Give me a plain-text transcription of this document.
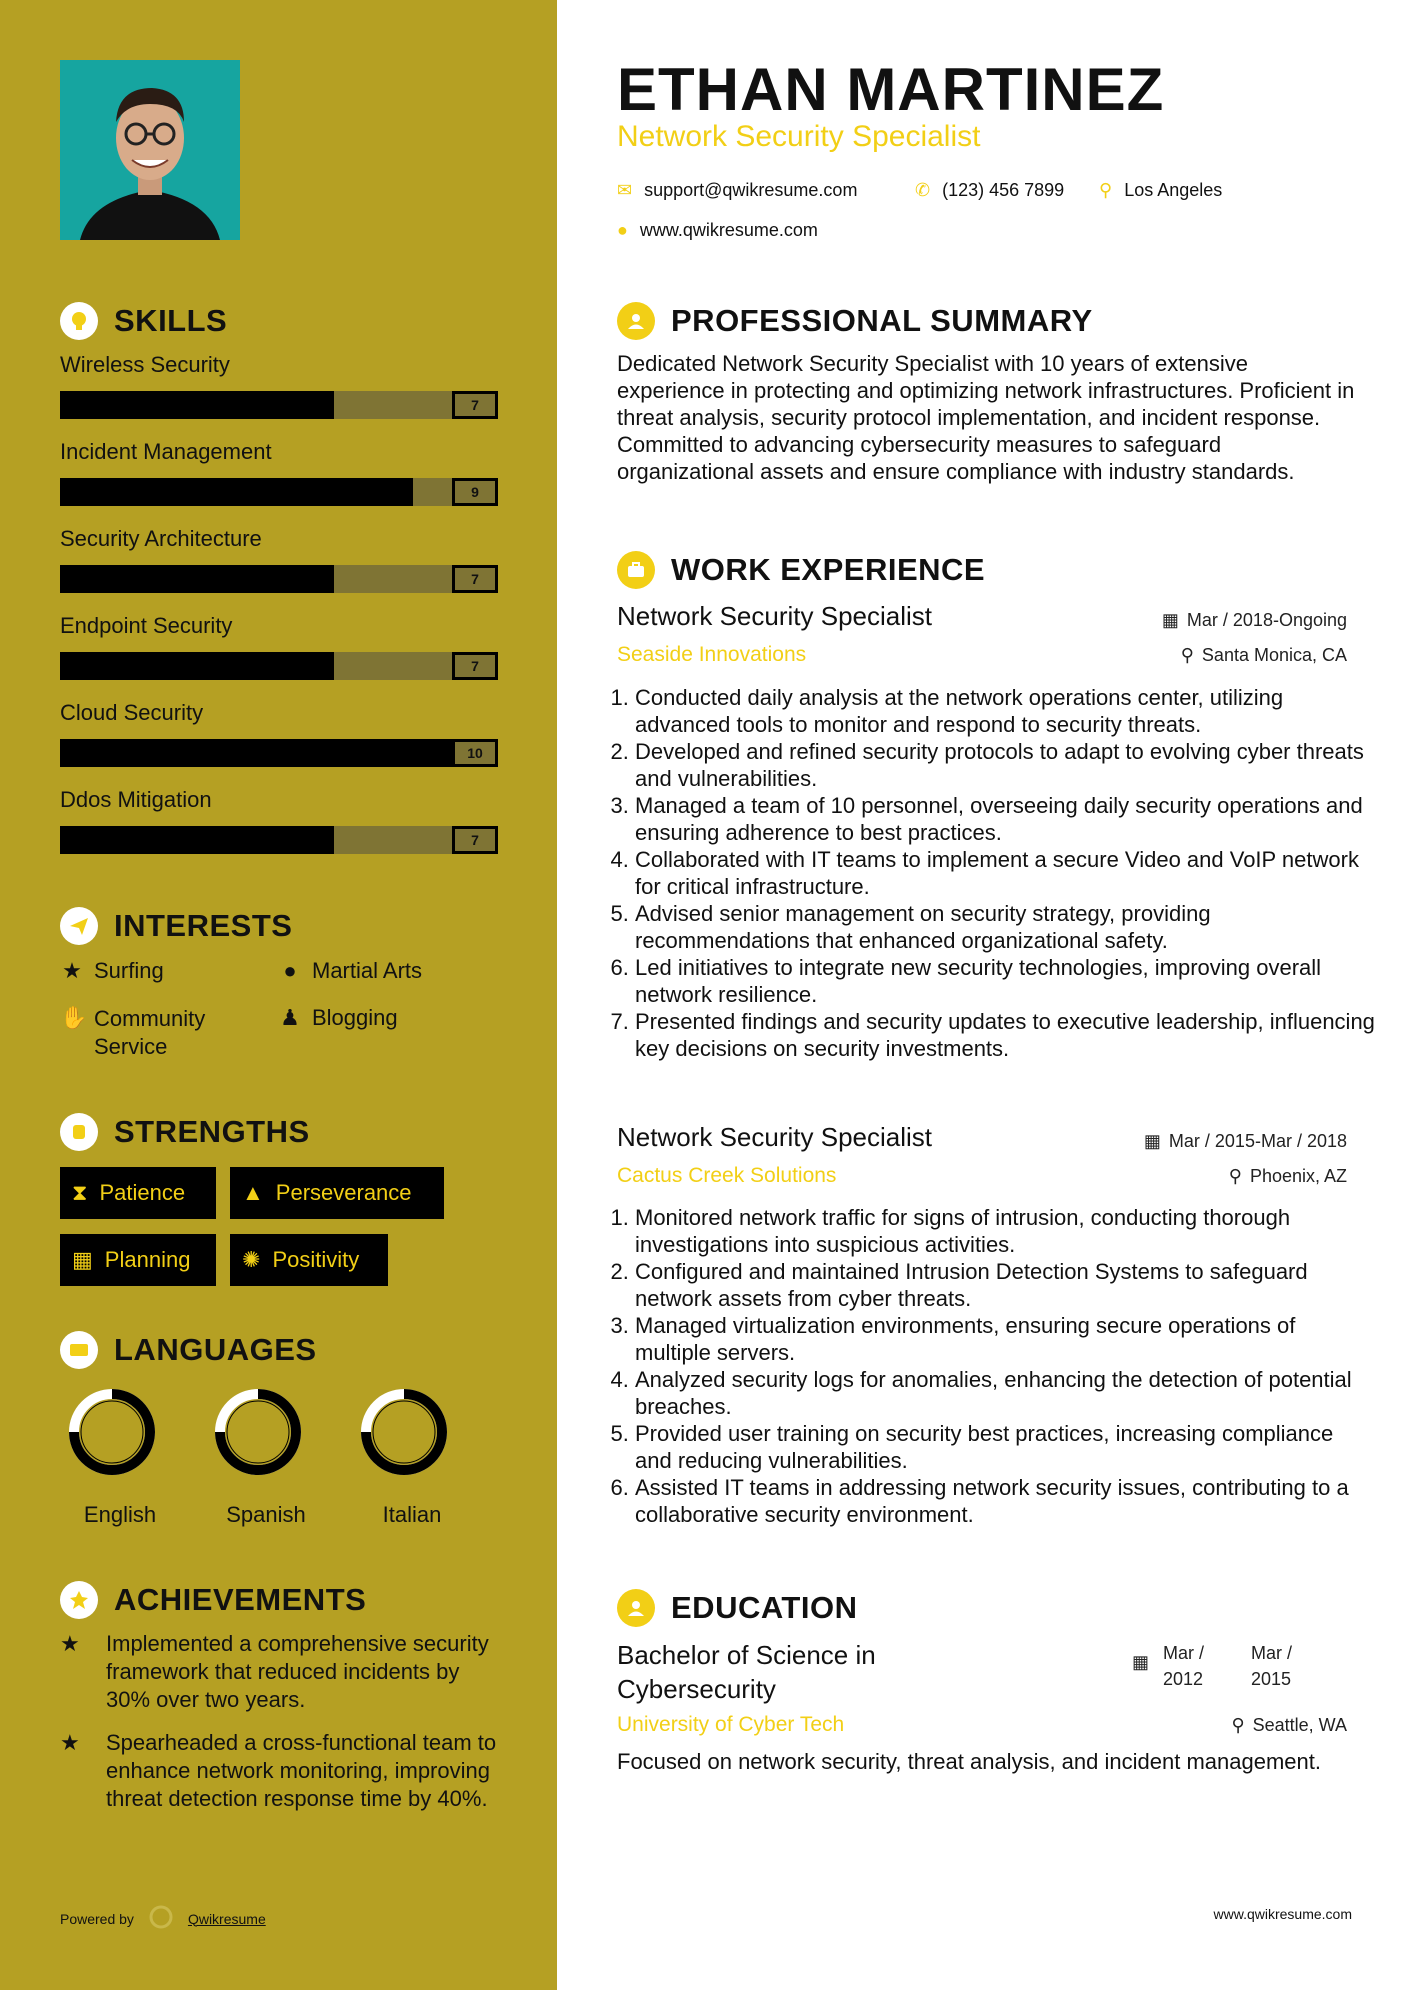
SKILLS
Wireless Security
7
Incident Management
9
Security Architecture
7
Endpoint Security
7
Cloud Security
10
Ddos Mitigation
7
INTERESTS
★ Surfing	● Martial Arts
✋ Community Service
♟ Blogging
STRENGTHS
⧗ Patience	▲ Perseverance
▦ Planning ✺ Positivity
LANGUAGES
English	Spanish	Italian
ACHIEVEMENTS
★	Implemented a comprehensive security framework that reduced incidents by 30% over two years.
★	Spearheaded a cross-functional team to enhance network monitoring, improving threat detection response time by 40%.
Powered by	Qwikresume
ETHAN MARTINEZ
Network Security Specialist
✉ support@qwikresume.com	✆ (123) 456 7899 ⚲ Los Angeles
● www.qwikresume.com
PROFESSIONAL SUMMARY
Dedicated Network Security Specialist with 10 years of extensive experience in protecting and optimizing network infrastructures. Proficient in threat analysis, security protocol implementation, and incident response. Committed to advancing cybersecurity measures to safeguard organizational assets and ensure compliance with industry standards.
WORK EXPERIENCE
Network Security Specialist	▦ Mar / 2018-Ongoing
Seaside Innovations	⚲ Santa Monica, CA
1. Conducted daily analysis at the network operations center, utilizing advanced tools to monitor and respond to security threats.
2. Developed and refined security protocols to adapt to evolving cyber threats and vulnerabilities.
3. Managed a team of 10 personnel, overseeing daily security operations and ensuring adherence to best practices.
4. Collaborated with IT teams to implement a secure Video and VoIP network for critical infrastructure.
5. Advised senior management on security strategy, providing recommendations that enhanced organizational safety.
6. Led initiatives to integrate new security technologies, improving overall network resilience.
7. Presented findings and security updates to executive leadership, influencing key decisions on security investments.
Network Security Specialist	▦ Mar / 2015-Mar / 2018
Cactus Creek Solutions	⚲ Phoenix, AZ
1. Monitored network traffic for signs of intrusion, conducting thorough investigations into suspicious activities.
2. Configured and maintained Intrusion Detection Systems to safeguard network assets from cyber threats.
3. Managed virtualization environments, ensuring secure operations of multiple servers.
4. Analyzed security logs for anomalies, enhancing the detection of potential breaches.
5. Provided user training on security best practices, increasing compliance and reducing vulnerabilities.
6. Assisted IT teams in addressing network security issues, contributing to a collaborative security environment.
EDUCATION
Bachelor of Science in Cybersecurity
▦ Mar / 2012
Mar / 2015
University of Cyber Tech	⚲ Seattle, WA
Focused on network security, threat analysis, and incident management.
www.qwikresume.com
